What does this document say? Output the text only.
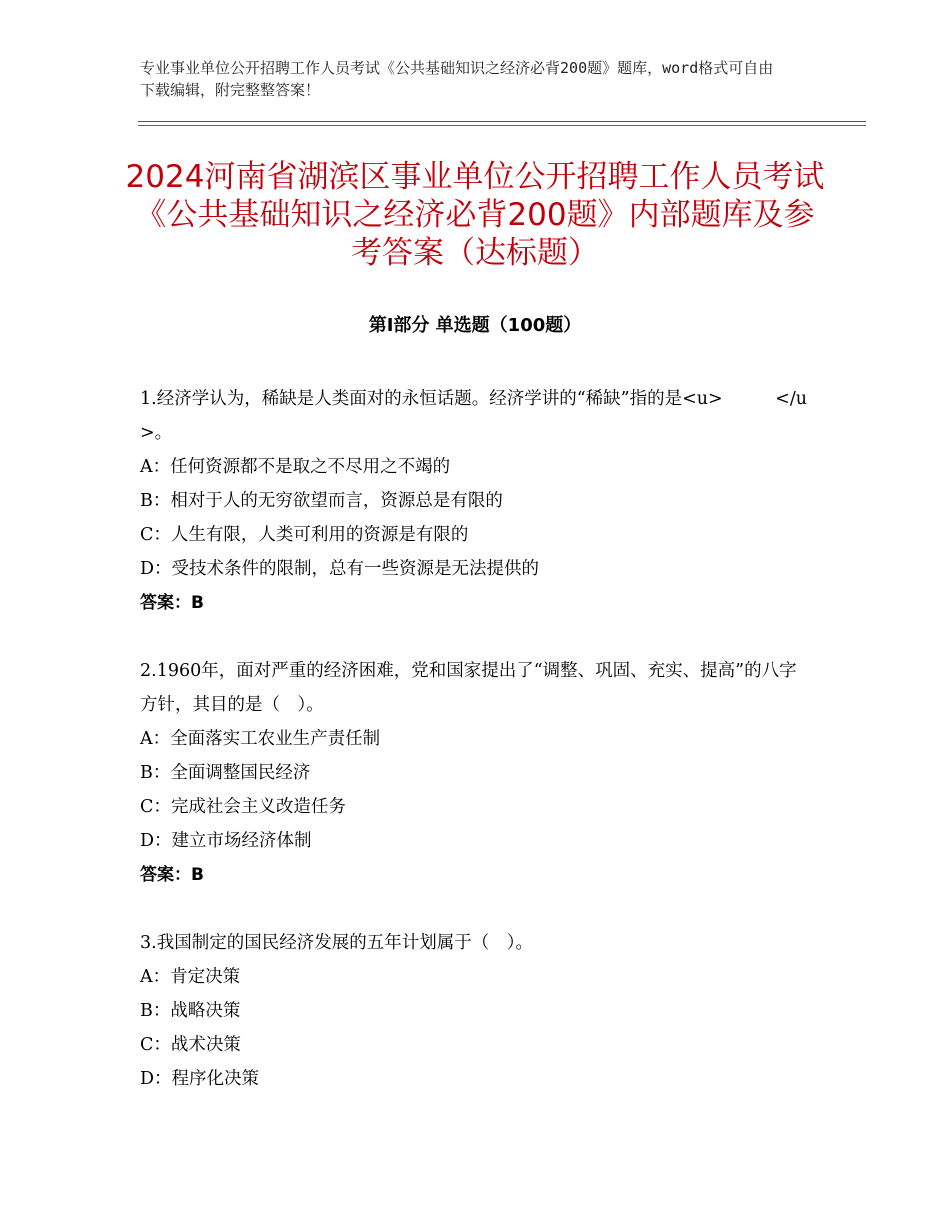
专业事业单位公开招聘工作人员考试《公共基础知识之经济必背200题》题库，word格式可自由下载编辑，附完整整答案！
2024河南省湖滨区事业单位公开招聘工作人员考试《公共基础知识之经济必背200题》内部题库及参考答案（达标题）
第Ⅰ部分 单选题（100题）

1.经济学认为，稀缺是人类面对的永恒话题。经济学讲的“稀缺”指的是<u>　　　</u>。

A：任何资源都不是取之不尽用之不竭的

B：相对于人的无穷欲望而言，资源总是有限的

C：人生有限，人类可利用的资源是有限的

D：受技术条件的限制，总有一些资源是无法提供的

答案：B

2.1960年，面对严重的经济困难，党和国家提出了“调整、巩固、充实、提高”的八字方针，其目的是（　）。

A：全面落实工农业生产责任制

B：全面调整国民经济

C：完成社会主义改造任务

D：建立市场经济体制

答案：B

3.我国制定的国民经济发展的五年计划属于（　）。

A：肯定决策

B：战略决策

C：战术决策

D：程序化决策
